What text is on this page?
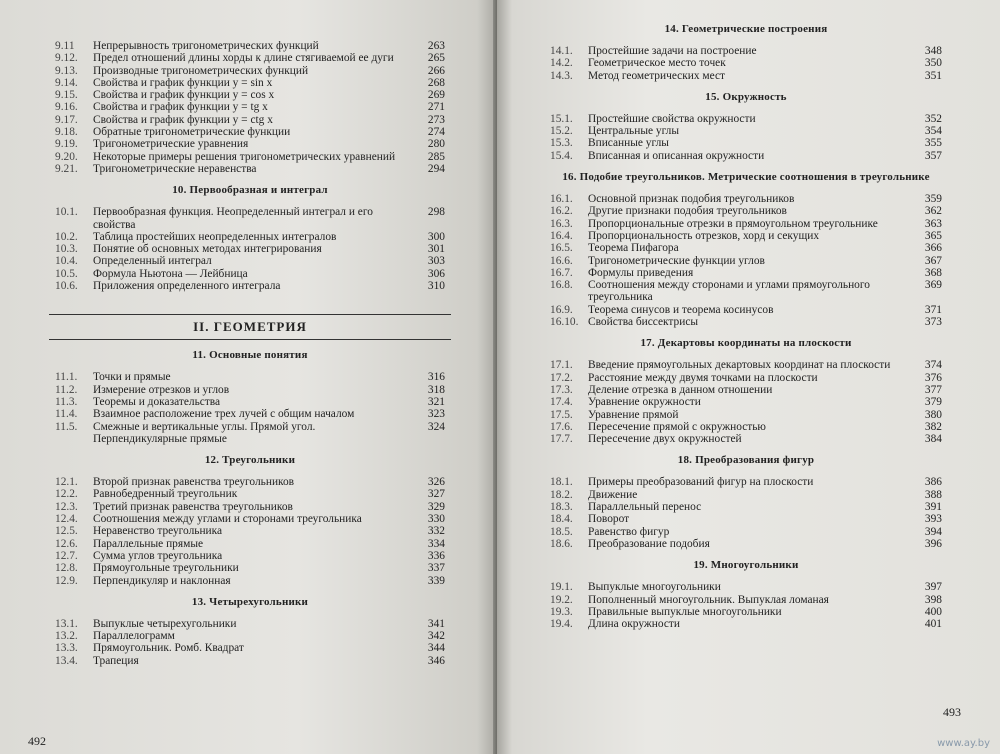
9.11	Непрерывность тригонометрических функций	263
9.12.	Предел отношений длины хорды к длине стягиваемой ее дуги	265
9.13.	Производные тригонометрических функций	266
9.14.	Свойства и график функции y = sin x	268
9.15.	Свойства и график функции y = cos x	269
9.16.	Свойства и график функции y = tg x	271
9.17.	Свойства и график функции y = ctg x	273
9.18.	Обратные тригонометрические функции	274
9.19.	Тригонометрические уравнения	280
9.20.	Некоторые примеры решения тригонометрических уравнений	285
9.21.	Тригонометрические неравенства	294
10. Первообразная и интеграл
10.1.	Первообразная функция. Неопределенный интеграл и его свойства
298
10.2.	Таблица простейших неопределенных интегралов	300
10.3.	Понятие об основных методах интегрирования	301
10.4.	Определенный интеграл	303
10.5.	Формула Ньютона — Лейбница	306
10.6.	Приложения определенного интеграла	310
II. ГЕОМЕТРИЯ
11. Основные понятия
11.1.	Точки и прямые	316
11.2.	Измерение отрезков и углов	318
11.3.	Теоремы и доказательства	321
11.4.	Взаимное расположение трех лучей с общим началом	323
11.5.	Смежные и вертикальные углы. Прямой угол. Перпендикулярные прямые
324
12. Треугольники
12.1.	Второй признак равенства треугольников	326
12.2.	Равнобедренный треугольник	327
12.3.	Третий признак равенства треугольников	329
12.4.	Соотношения между углами и сторонами треугольника	330
12.5.	Неравенство треугольника	332
12.6.	Параллельные прямые	334
12.7.	Сумма углов треугольника	336
12.8.	Прямоугольные треугольники	337
12.9.	Перпендикуляр и наклонная	339
13. Четырехугольники
13.1.	Выпуклые четырехугольники	341
13.2.	Параллелограмм	342
13.3.	Прямоугольник. Ромб. Квадрат	344
13.4.	Трапеция	346
492
14. Геометрические построения
14.1.	Простейшие задачи на построение	348
14.2.	Геометрическое место точек	350
14.3.	Метод геометрических мест	351
15. Окружность
15.1.	Простейшие свойства окружности	352
15.2.	Центральные углы	354
15.3.	Вписанные углы	355
15.4.	Вписанная и описанная окружности	357
16. Подобие треугольников. Метрические соотношения в треугольнике
16.1.	Основной признак подобия треугольников	359
16.2.	Другие признаки подобия треугольников	362
16.3.	Пропорциональные отрезки в прямоугольном треугольнике	363
16.4.	Пропорциональность отрезков, хорд и секущих	365
16.5.	Теорема Пифагора	366
16.6.	Тригонометрические функции углов	367
16.7.	Формулы приведения	368
16.8.	Соотношения между сторонами и углами прямоугольного треугольника
369
16.9.	Теорема синусов и теорема косинусов	371
16.10. Свойства биссектрисы	373
17. Декартовы координаты на плоскости
17.1.	Введение прямоугольных декартовых координат на плоскости	374
17.2.	Расстояние между двумя точками на плоскости	376
17.3.	Деление отрезка в данном отношении	377
17.4.	Уравнение окружности	379
17.5.	Уравнение прямой	380
17.6.	Пересечение прямой с окружностью	382
17.7.	Пересечение двух окружностей	384
18. Преобразования фигур
18.1.	Примеры преобразований фигур на плоскости	386
18.2.	Движение	388
18.3.	Параллельный перенос	391
18.4.	Поворот	393
18.5.	Равенство фигур	394
18.6.	Преобразование подобия	396
19. Многоугольники
19.1.	Выпуклые многоугольники	397
19.2.	Пополненный многоугольник. Выпуклая ломаная	398
19.3.	Правильные выпуклые многоугольники	400
19.4.	Длина окружности	401
493
www.ay.by
